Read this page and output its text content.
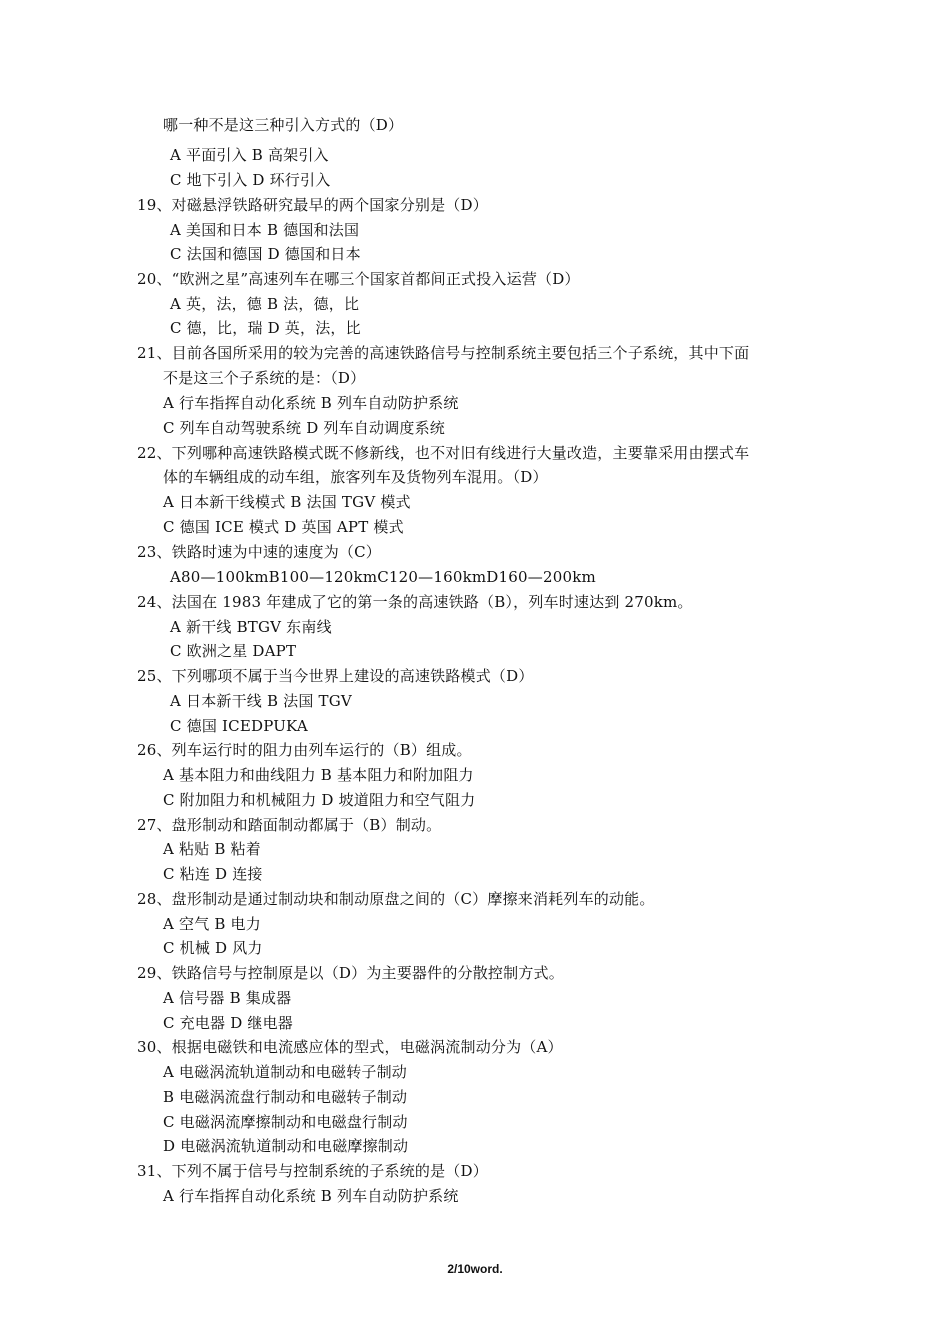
哪一种不是这三种引入方式的（D）
A 平面引入 B 高架引入
C 地下引入 D 环行引入
19、对磁悬浮铁路研究最早的两个国家分别是（D）
A 美国和日本 B 德国和法国
C 法国和德国 D 德国和日本
20、“欧洲之星”高速列车在哪三个国家首都间正式投入运营（D）
A 英，法，德 B 法，德，比
C 德，比，瑞 D 英，法，比
21、目前各国所采用的较为完善的高速铁路信号与控制系统主要包括三个子系统，其中下面
不是这三个子系统的是：（D）
A 行车指挥自动化系统 B 列车自动防护系统
C 列车自动驾驶系统 D 列车自动调度系统
22、下列哪种高速铁路模式既不修新线，也不对旧有线进行大量改造，主要靠采用由摆式车
体的车辆组成的动车组，旅客列车及货物列车混用。（D）
A 日本新干线模式 B 法国 TGV 模式
C 德国 ICE 模式 D 英国 APT 模式
23、铁路时速为中速的速度为（C）
A80—100kmB100—120kmC120—160kmD160—200km
24、法国在 1983 年建成了它的第一条的高速铁路（B），列车时速达到 270km。
A 新干线 BTGV 东南线
C 欧洲之星 DAPT
25、下列哪项不属于当今世界上建设的高速铁路模式（D）
A 日本新干线 B 法国 TGV
C 德国 ICEDPUKA
26、列车运行时的阻力由列车运行的（B）组成。
A 基本阻力和曲线阻力 B 基本阻力和附加阻力
C 附加阻力和机械阻力 D 坡道阻力和空气阻力
27、盘形制动和踏面制动都属于（B）制动。
A 粘贴 B 粘着
C 粘连 D 连接
28、盘形制动是通过制动块和制动原盘之间的（C）摩擦来消耗列车的动能。
A 空气 B 电力
C 机械 D 风力
29、铁路信号与控制原是以（D）为主要器件的分散控制方式。
A 信号器 B 集成器
C 充电器 D 继电器
30、根据电磁铁和电流感应体的型式，电磁涡流制动分为（A）
A 电磁涡流轨道制动和电磁转子制动
B 电磁涡流盘行制动和电磁转子制动
C 电磁涡流摩擦制动和电磁盘行制动
D 电磁涡流轨道制动和电磁摩擦制动
31、下列不属于信号与控制系统的子系统的是（D）
A 行车指挥自动化系统 B 列车自动防护系统
2/10word.
